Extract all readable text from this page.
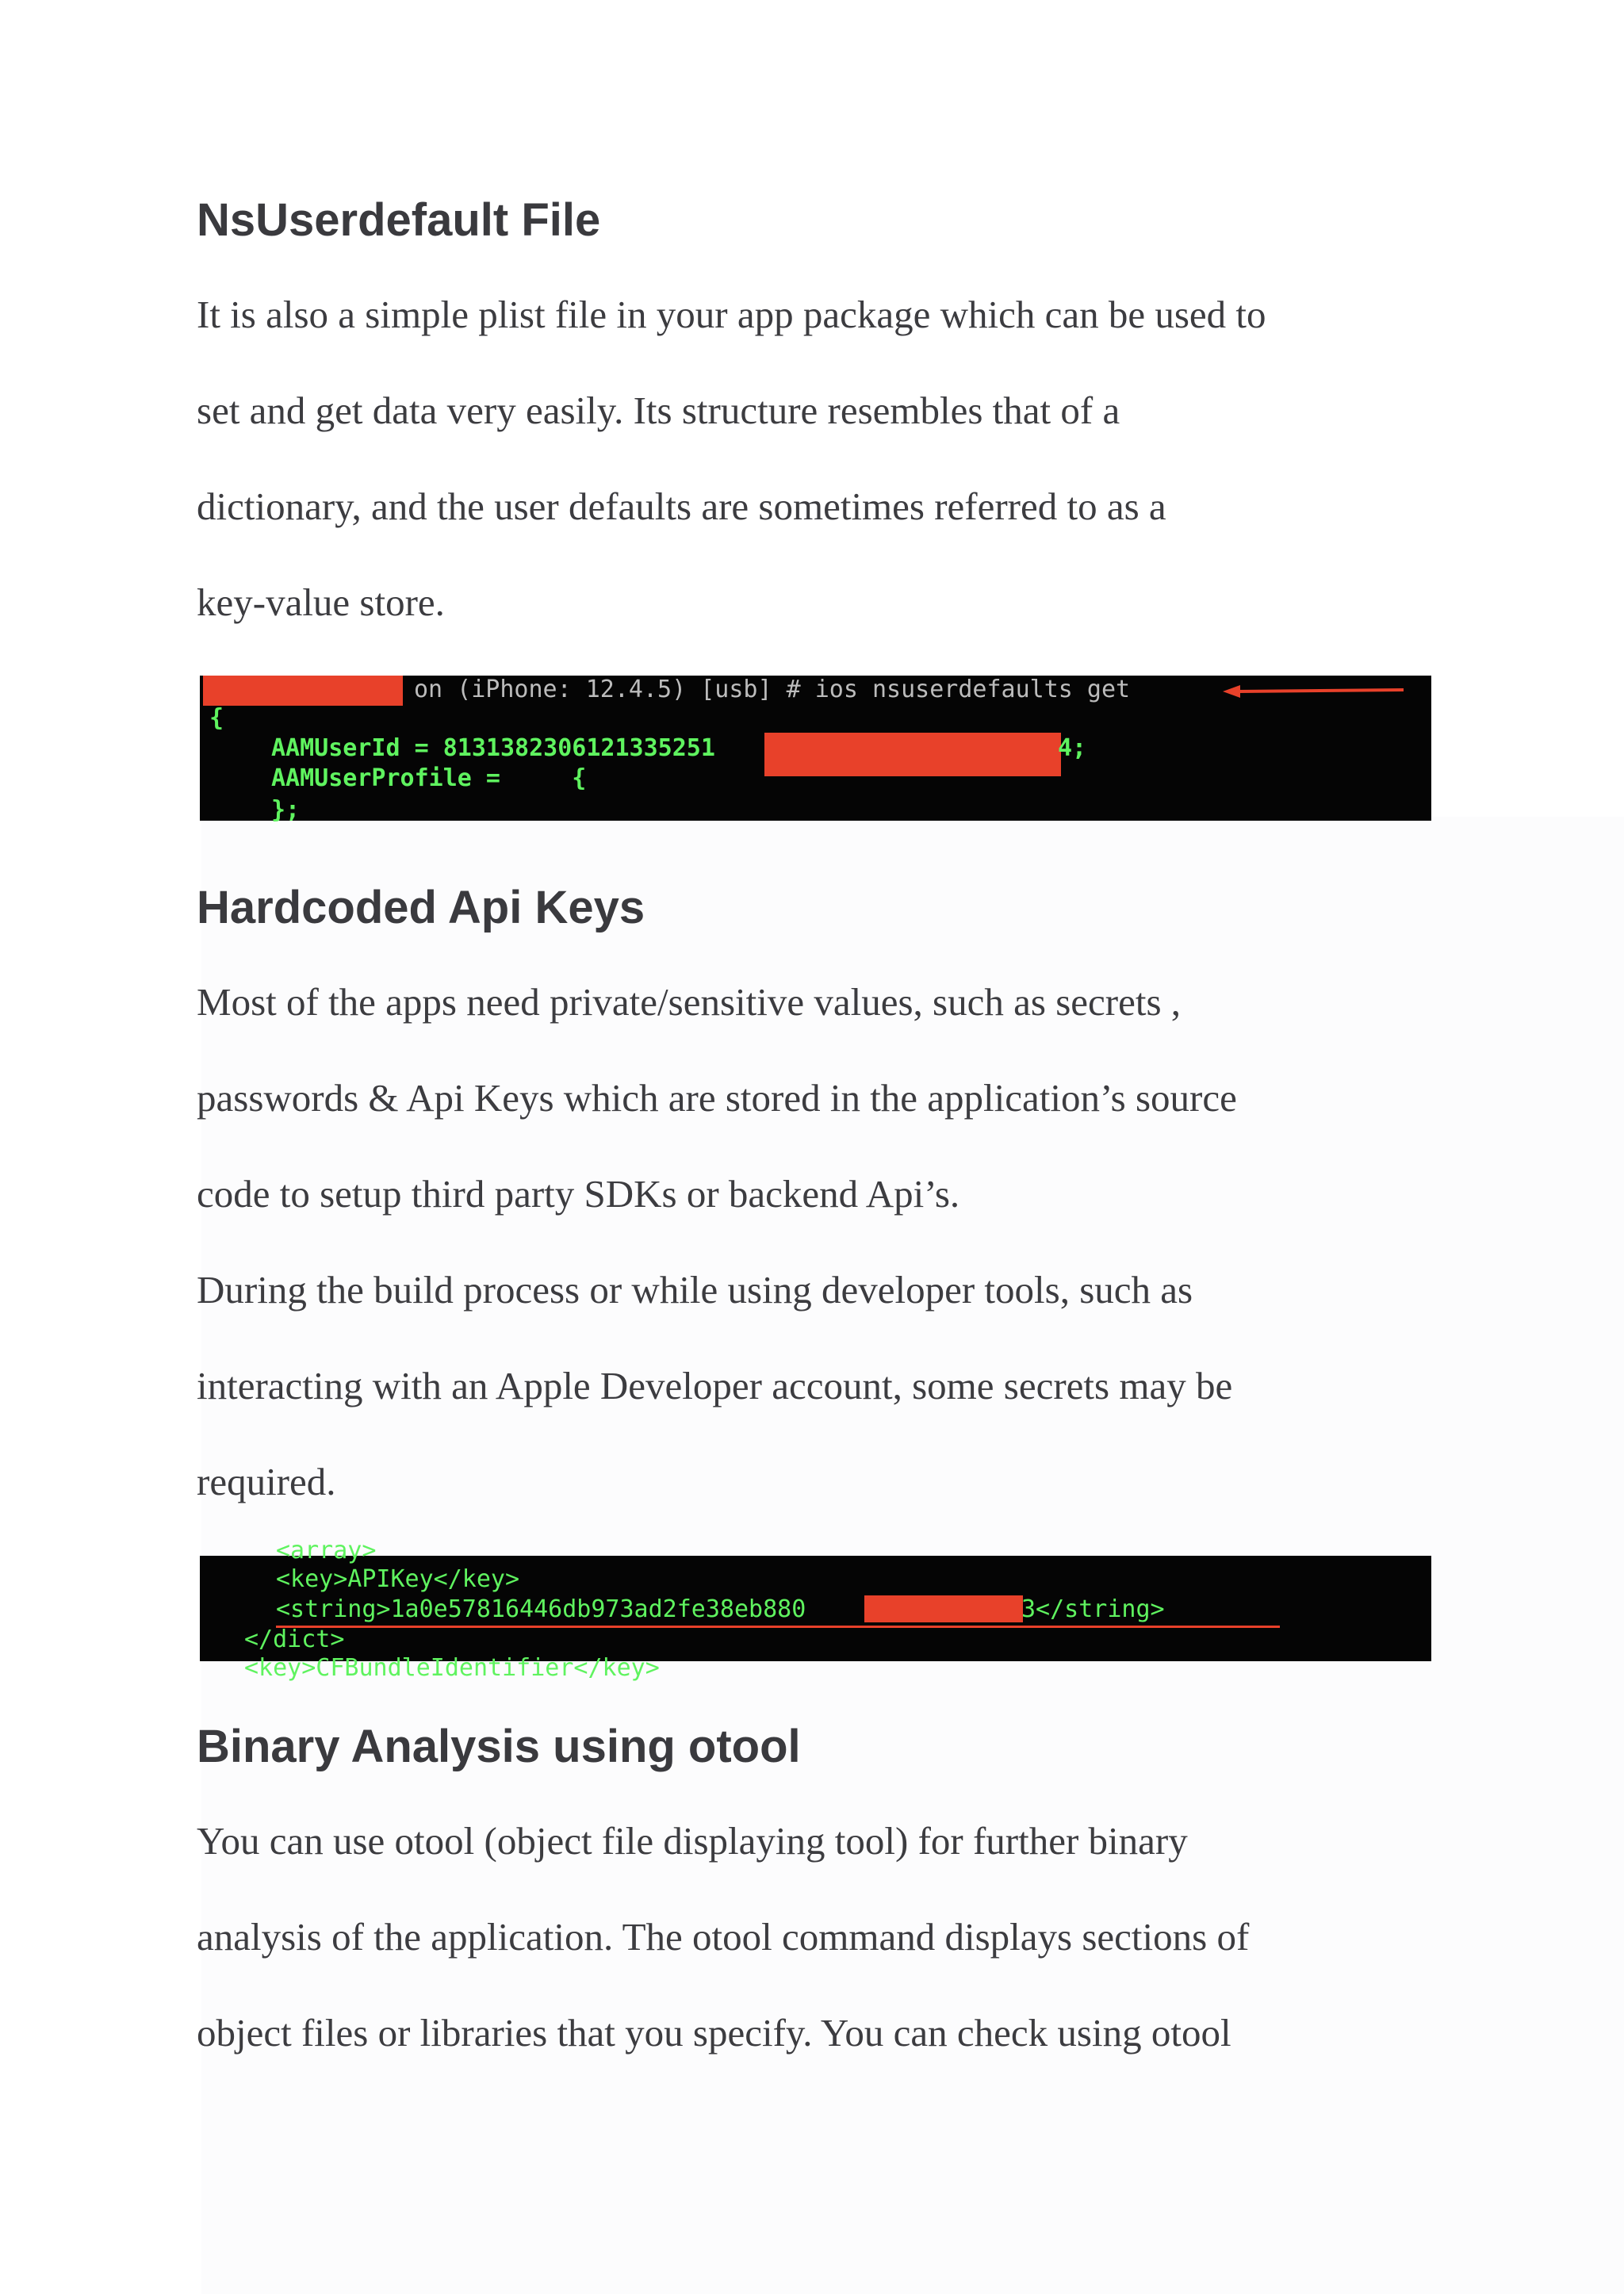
NsUserdefault File
It is also a simple plist file in your app package which can be used to
set and get data very easily. Its structure resembles that of a
dictionary, and the user defaults are sometimes referred to as a
key-value store.
on (iPhone: 12.4.5) [usb] # ios nsuserdefaults get
{
AAMUserId = 8131382306121335251	4;
AAMUserProfile =     {
};
Hardcoded Api Keys
Most of the apps need private/sensitive values, such as secrets ,
passwords & Api Keys which are stored in the application’s source
code to setup third party SDKs or backend Api’s.
During the build process or while using developer tools, such as
interacting with an Apple Developer account, some secrets may be
required.
<array>
<key>APIKey</key>
<string>1a0e57816446db973ad2fe38eb880	3</string>
</dict>
<key>CFBundleIdentifier</key>
Binary Analysis using otool
You can use otool (object file displaying tool) for further binary
analysis of the application. The otool command displays sections of
object files or libraries that you specify. You can check using otool
